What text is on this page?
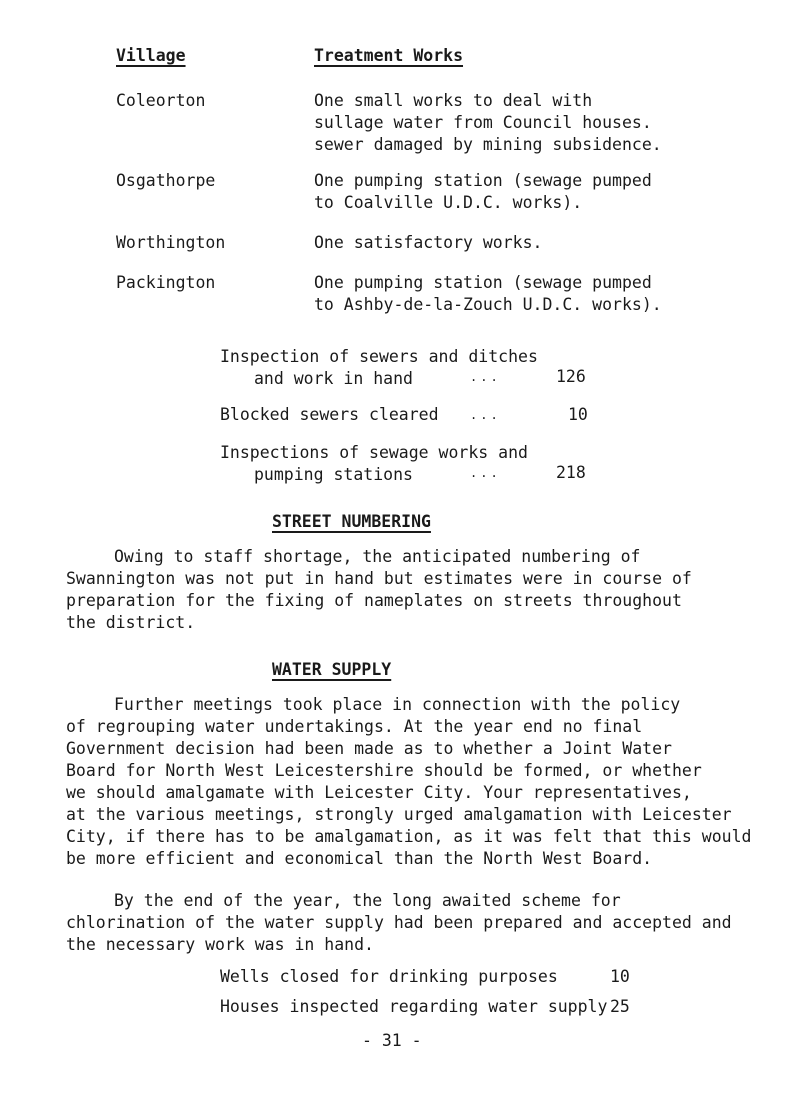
Village	Treatment Works
Coleorton	One small works to deal with
sullage water from Council houses.
sewer damaged by mining subsidence.
Osgathorpe	One pumping station (sewage pumped
to Coalville U.D.C. works).
Worthington	One satisfactory works.
Packington	One pumping station (sewage pumped
to Ashby-de-la-Zouch U.D.C. works).
Inspection of sewers and ditches
and work in hand	...	126
Blocked sewers cleared	...	10
Inspections of sewage works and
pumping stations	...	218
STREET NUMBERING
Owing to staff shortage, the anticipated numbering of
Swannington was not put in hand but estimates were in course of
preparation for the fixing of nameplates on streets throughout
the district.
WATER SUPPLY
Further meetings took place in connection with the policy
of regrouping water undertakings. At the year end no final
Government decision had been made as to whether a Joint Water
Board for North West Leicestershire should be formed, or whether
we should amalgamate with Leicester City. Your representatives,
at the various meetings, strongly urged amalgamation with Leicester
City, if there has to be amalgamation, as it was felt that this would
be more efficient and economical than the North West Board.
By the end of the year, the long awaited scheme for
chlorination of the water supply had been prepared and accepted and
the necessary work was in hand.
Wells closed for drinking purposes	10
Houses inspected regarding water supply 25
- 31 -
